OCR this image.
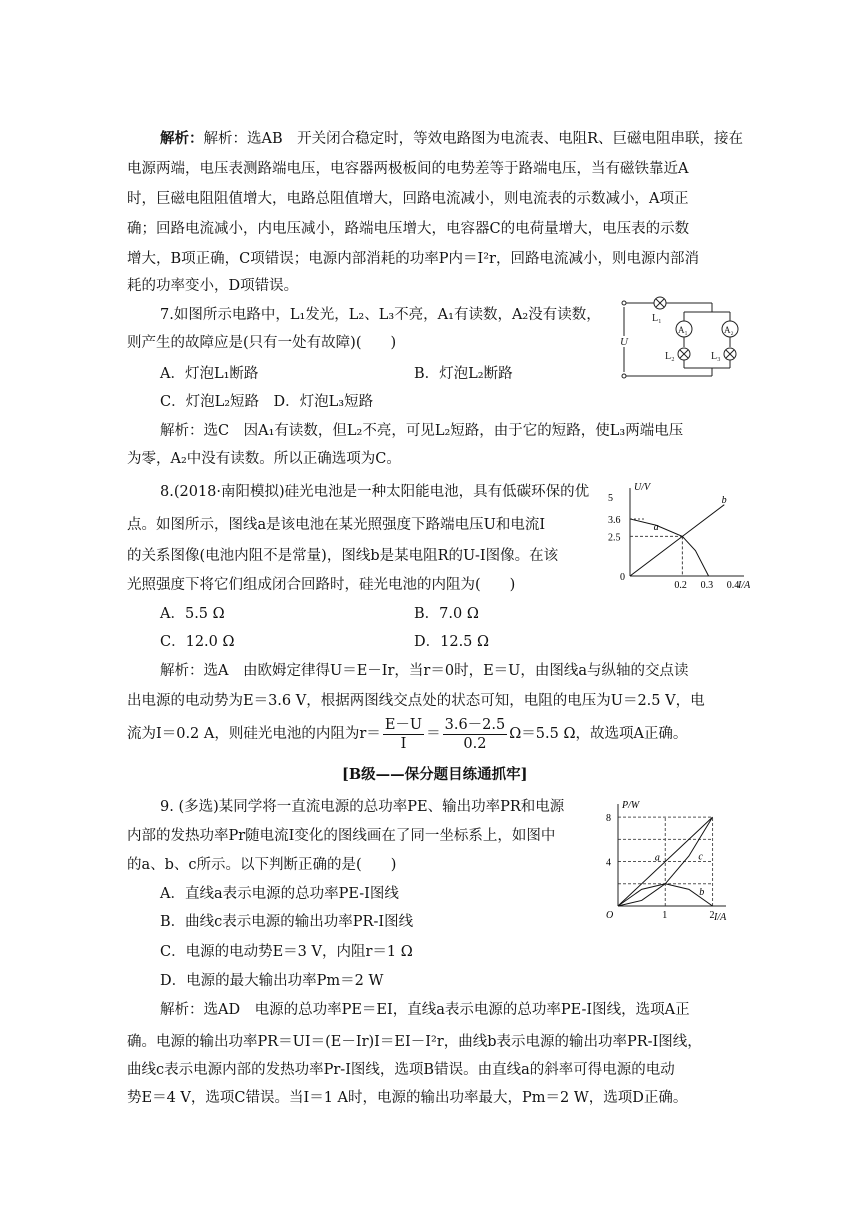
解析：解析：选AB　开关闭合稳定时，等效电路图为电流表、电阻R、巨磁电阻串联，接在
电源两端，电压表测路端电压，电容器两极板间的电势差等于路端电压，当有磁铁靠近A
时，巨磁电阻阻值增大，电路总阻值增大，回路电流减小，则电流表的示数减小，A项正
确；回路电流减小，内电压减小，路端电压增大，电容器C的电荷量增大，电压表的示数
增大，B项正确，C项错误；电源内部消耗的功率P内＝I²r，回路电流减小，则电源内部消
耗的功率变小，D项错误。
7.如图所示电路中，L₁发光，L₂、L₃不亮，A₁有读数，A₂没有读数，
则产生的故障应是(只有一处有故障)(　　)
A．灯泡L₁断路	B．灯泡L₂断路
C．灯泡L₂短路　D．灯泡L₃短路
解析：选C　因A₁有读数，但L₂不亮，可见L₂短路，由于它的短路，使L₃两端电压
为零，A₂中没有读数。所以正确选项为C。
L₁
A₁	A₂
L₂	L₃
U
8.(2018·南阳模拟)硅光电池是一种太阳能电池，具有低碳环保的优
点。如图所示，图线a是该电池在某光照强度下路端电压U和电流I
的关系图像(电池内阻不是常量)，图线b是某电阻R的U-I图像。在该
光照强度下将它们组成闭合回路时，硅光电池的内阻为(　　)
A．5.5 Ω	B．7.0 Ω
C．12.0 Ω	D．12.5 Ω
解析：选A　由欧姆定律得U＝E－Ir，当r＝0时，E＝U，由图线a与纵轴的交点读
出电源的电动势为E＝3.6 V，根据两图线交点处的状态可知，电阻的电压为U＝2.5 V，电
流为I＝0.2 A，则硅光电池的内阻为$r= \frac{E-U}{I} = \frac{3.6-2.5}{0.2} \Omega=5.5$ Ω，故选项A正确。
U/V
I/A
0
2.5
3.6
5
0.2 0.3 0.4
a
b
[B级——保分题目练通抓牢]
9. (多选)某同学将一直流电源的总功率PE、输出功率PR和电源
内部的发热功率Pr随电流I变化的图线画在了同一坐标系上，如图中
的a、b、c所示。以下判断正确的是(　　)
A．直线a表示电源的总功率PE-I图线
B．曲线c表示电源的输出功率PR-I图线
C．电源的电动势E＝3 V，内阻r＝1 Ω
D．电源的最大输出功率Pm＝2 W
解析：选AD　电源的总功率PE＝EI，直线a表示电源的总功率PE-I图线，选项A正
确。电源的输出功率PR＝UI＝(E－Ir)I＝EI－I²r，曲线b表示电源的输出功率PR-I图线，
曲线c表示电源内部的发热功率Pr-I图线，选项B错误。由直线a的斜率可得电源的电动
势E＝4 V，选项C错误。当I＝1 A时，电源的输出功率最大，Pm＝2 W，选项D正确。
P/W
I/A
O
4
8
1	2
a
b
c
